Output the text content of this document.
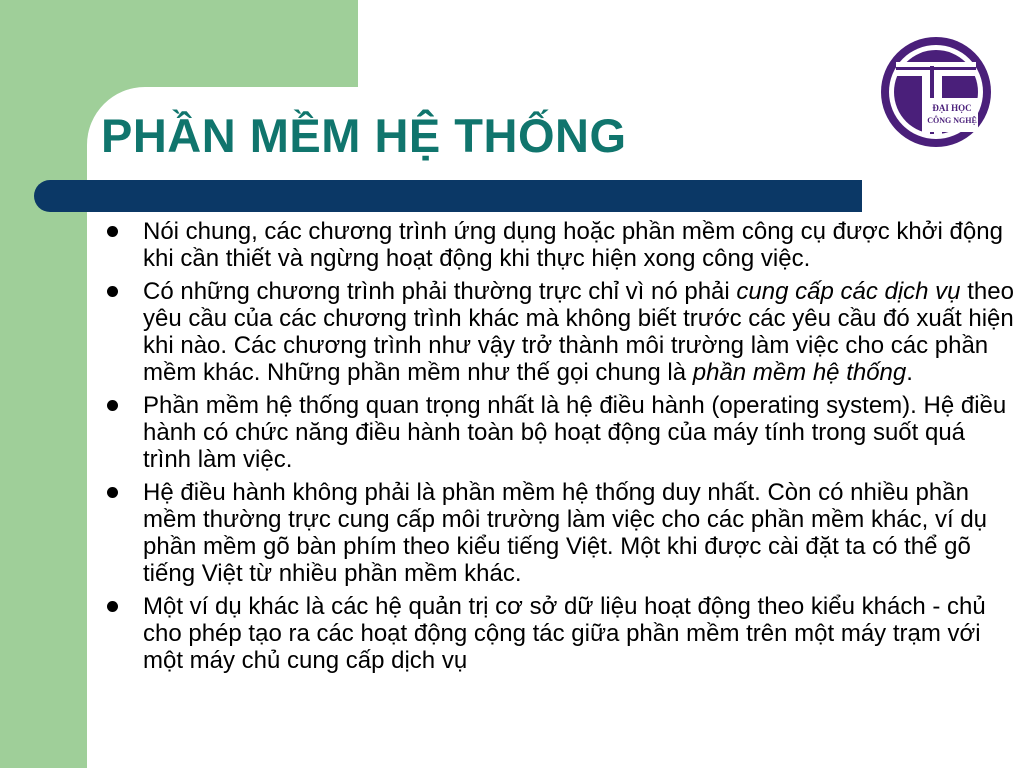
PHẦN MỀM HỆ THỐNG
ĐẠI HỌC
CÔNG NGHỆ
Nói chung, các chương trình ứng dụng hoặc phần mềm công cụ được khởi động khi cần thiết và ngừng hoạt động khi thực hiện xong công việc.
Có những chương trình phải thường trực chỉ vì nó phải cung cấp các dịch vụ theo yêu cầu của các chương trình khác mà không biết trước các yêu cầu đó xuất hiện khi nào. Các chương trình như vậy trở thành môi trường làm việc cho các phần mềm khác. Những phần mềm như thế gọi chung là phần mềm hệ thống.
Phần mềm hệ thống quan trọng nhất là hệ điều hành (operating system). Hệ điều hành có chức năng điều hành toàn bộ hoạt động của máy tính trong suốt quá trình làm việc.
Hệ điều hành không phải là phần mềm hệ thống duy nhất. Còn có nhiều phần mềm thường trực cung cấp môi trường làm việc cho các phần mềm khác, ví dụ phần mềm gõ bàn phím theo kiểu tiếng Việt. Một khi được cài đặt ta có thể gõ tiếng Việt từ nhiều phần mềm khác.
Một ví dụ khác là các hệ quản trị cơ sở dữ liệu hoạt động theo kiểu khách - chủ cho phép tạo ra các hoạt động cộng tác giữa phần mềm trên một máy trạm với một máy chủ cung cấp dịch vụ
